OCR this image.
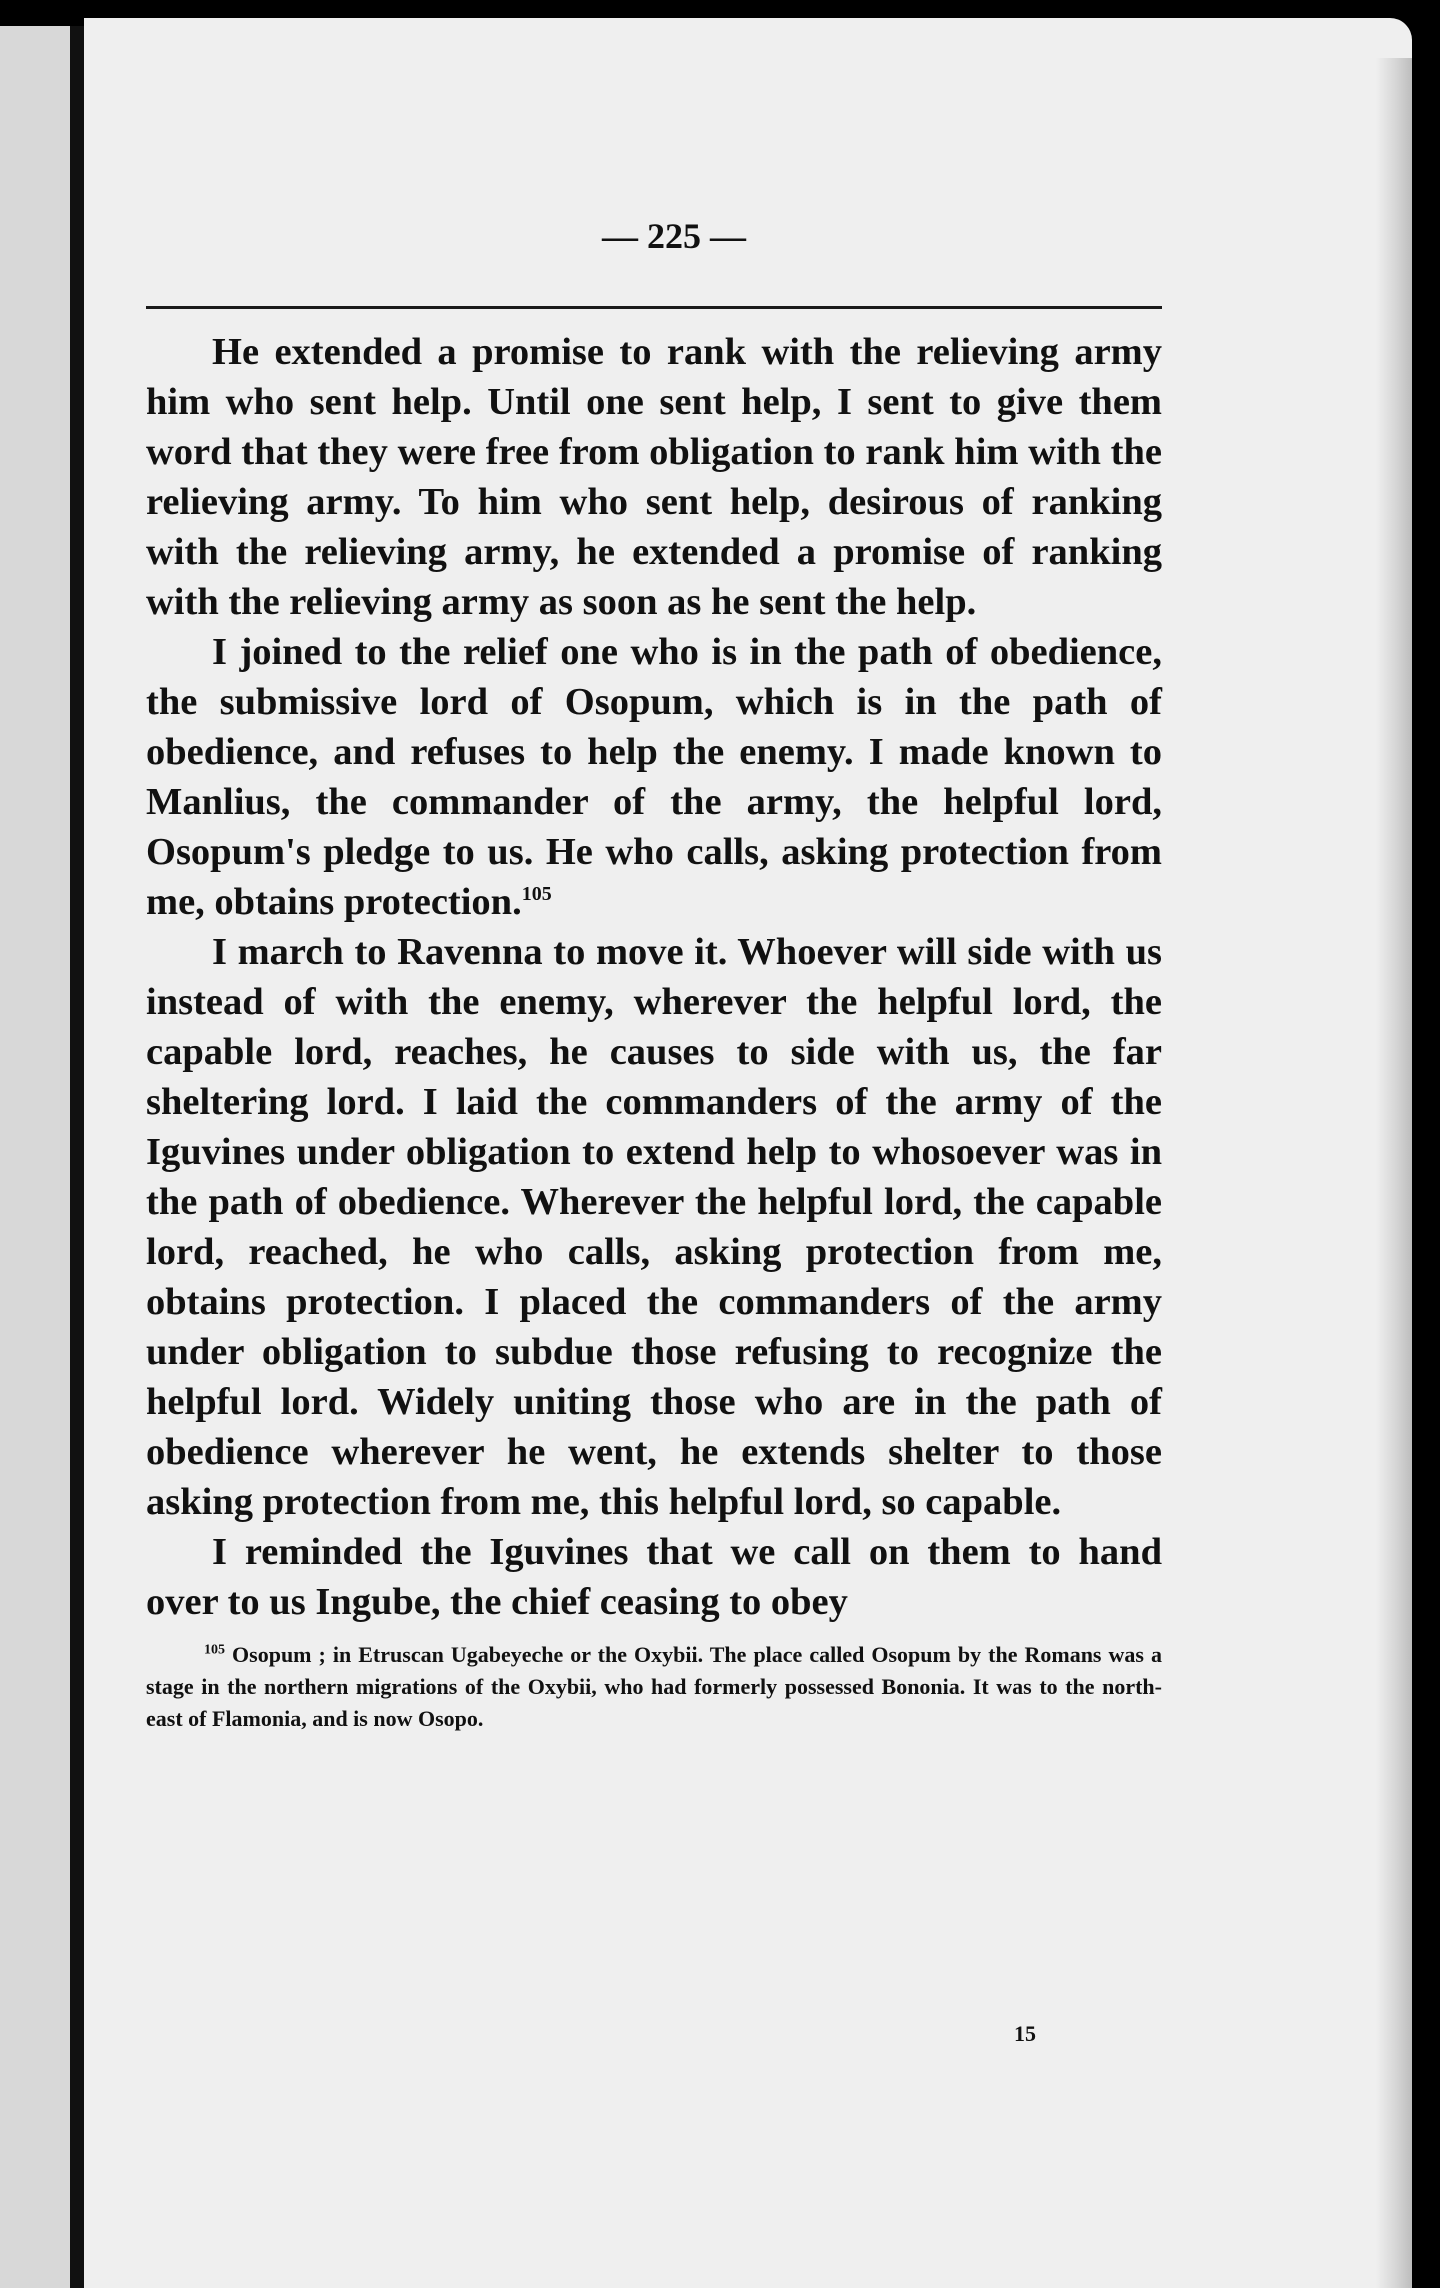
— 225 —

He extended a promise to rank with the relieving army him who sent help. Until one sent help, I sent to give them word that they were free from obligation to rank him with the relieving army. To him who sent help, desirous of ranking with the relieving army, he extended a promise of ranking with the relieving army as soon as he sent the help.

I joined to the relief one who is in the path of obedience, the submissive lord of Osopum, which is in the path of obedience, and refuses to help the enemy. I made known to Manlius, the commander of the army, the helpful lord, Osopum's pledge to us. He who calls, asking protection from me, obtains protection.$^{105}$

I march to Ravenna to move it. Whoever will side with us instead of with the enemy, wherever the helpful lord, the capable lord, reaches, he causes to side with us, the far sheltering lord. I laid the commanders of the army of the Iguvines under obligation to extend help to whosoever was in the path of obedience. Wherever the helpful lord, the capable lord, reached, he who calls, asking protection from me, obtains protection. I placed the commanders of the army under obligation to subdue those refusing to recognize the helpful lord. Widely uniting those who are in the path of obedience wherever he went, he extends shelter to those asking protection from me, this helpful lord, so capable.

I reminded the Iguvines that we call on them to hand over to us Ingube, the chief ceasing to obey

$^{105}$ Osopum ; in Etruscan Ugabeyeche or the Oxybii. The place called Osopum by the Romans was a stage in the northern migrations of the Oxybii, who had formerly possessed Bononia. It was to the north-east of Flamonia, and is now Osopo.
15
